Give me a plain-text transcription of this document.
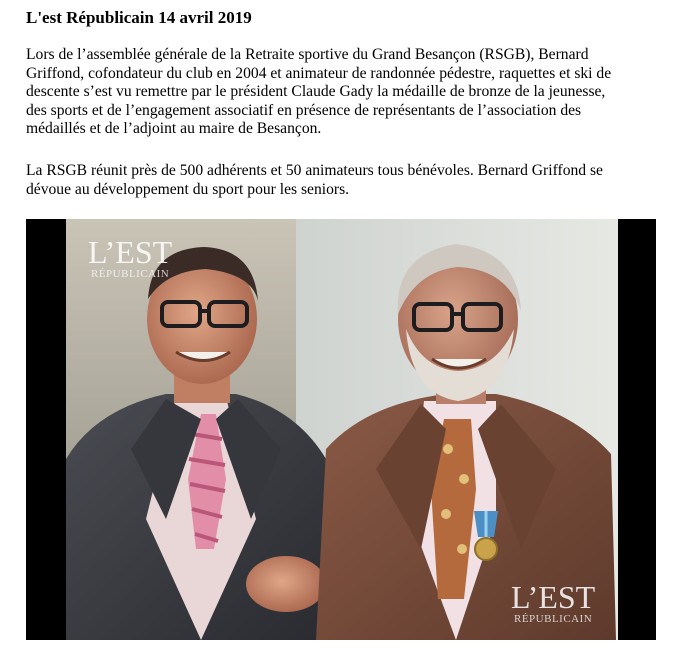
L'est Républicain 14 avril 2019

Lors de l’assemblée générale de la Retraite sportive du Grand Besançon (RSGB), Bernard
Griffond, cofondateur du club en 2004 et animateur de randonnée pédestre, raquettes et ski de
descente s’est vu remettre par le président Claude Gady la médaille de bronze de la jeunesse,
des sports et de l’engagement associatif en présence de représentants de l’association des
médaillés et de l’adjoint au maire de Besançon.

La RSGB réunit près de 500 adhérents et 50 animateurs tous bénévoles. Bernard Griffond se
dévoue au développement du sport pour les seniors.

L’EST
RÉPUBLICAIN
L’EST
RÉPUBLICAIN
